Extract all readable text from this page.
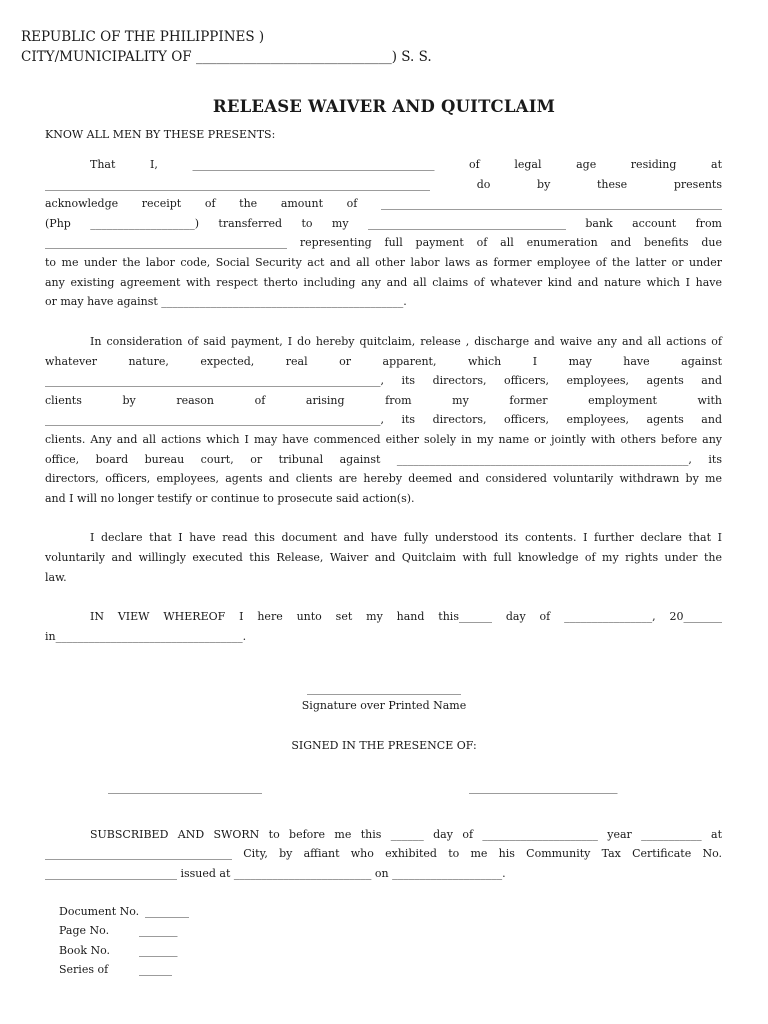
REPUBLIC OF THE PHILIPPINES )
CITY/MUNICIPALITY OF _____________________________) S. S.
RELEASE WAIVER AND QUITCLAIM
KNOW ALL MEN BY THESE PRESENTS:
That I, ____________________________________________ of legal age residing at
______________________________________________________________________ do by these presents
acknowledge receipt of the amount of ______________________________________________________________
(Php ___________________) transferred to my ____________________________________ bank account from
____________________________________________ representing full payment of all enumeration and benefits due
to me under the labor code, Social Security act and all other labor laws as former employee of the latter or under
any existing agreement with respect therto including any and all claims of whatever kind and nature which I have
or may have against ____________________________________________.
In consideration of said payment, I do hereby quitclaim, release , discharge and waive any and all actions of
whatever nature, expected, real or apparent, which I may have against
_____________________________________________________________, its directors, officers, employees, agents and
clients by reason of arising from my former employment with
_____________________________________________________________, its directors, officers, employees, agents and
clients. Any and all actions which I may have commenced either solely in my name or jointly with others before any
office, board bureau court, or tribunal against _____________________________________________________, its
directors, officers, employees, agents and clients are hereby deemed and considered voluntarily withdrawn by me
and I will no longer testify or continue to prosecute said action(s).
I declare that I have read this document and have fully understood its contents. I further declare that I
voluntarily and willingly executed this Release, Waiver and Quitclaim with full knowledge of my rights under the
law.
IN VIEW WHEREOF I here unto set my hand this______ day of ________________, 20_______
in__________________________________.
____________________________
Signature over Printed Name
SIGNED IN THE PRESENCE OF:
____________________________	___________________________
SUBSCRIBED AND SWORN to before me this ______ day of _____________________ year ___________ at
__________________________________ City, by affiant who exhibited to me his Community Tax Certificate No.
________________________ issued at _________________________ on ____________________.
Document No. ________
Page No.	_______
Book No.	_______
Series of	______
